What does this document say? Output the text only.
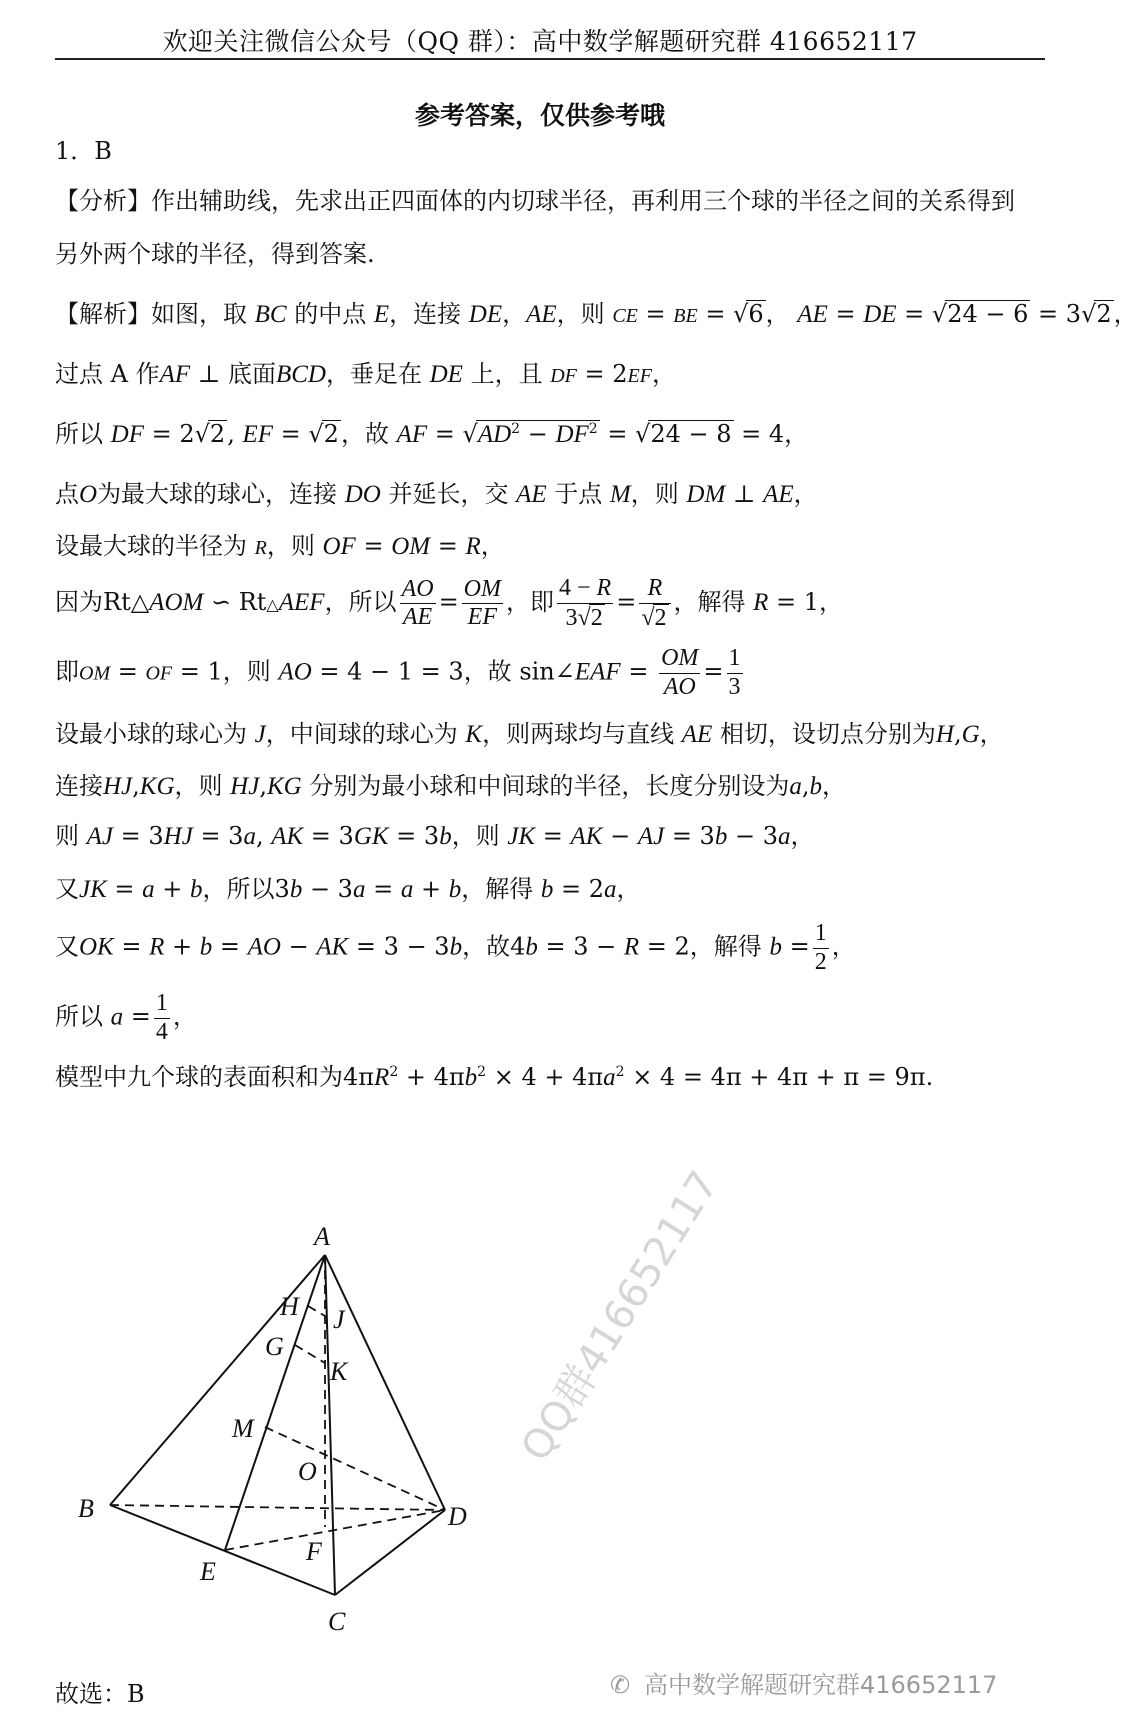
欢迎关注微信公众号（QQ 群）：高中数学解题研究群 416652117
参考答案，仅供参考哦
1．B
【分析】作出辅助线，先求出正四面体的内切球半径，再利用三个球的半径之间的关系得到
另外两个球的半径，得到答案.
【解析】如图，取 BC 的中点 E，连接 DE，AE，则 CE = BE = √6， AE = DE = √24 − 6 = 3√2，
过点 A 作AF ⊥ 底面BCD，垂足在 DE 上，且 DF = 2EF，
所以 DF = 2√2, EF = √2，故 AF = $√AD^2 - DF^2 = √24 - 8 = 4$，
点O为最大球的球心，连接 DO 并延长，交 AE 于点 M，则 DM ⊥ AE，
设最大球的半径为 R，则 OF = OM = R，
因为Rt△AOM ∽ Rt△AEF，所以 $\frac{AO}{AE} = \frac{OM}{EF}$ ，即 $\frac{4 - R}{3√2} = \frac{R}{√2}$ ，解得 R = 1，
即OM = OF = 1，则 AO = 4 − 1 = 3，故 sin∠EAF = $\frac{OM}{AO} = \frac{1}{3}$
设最小球的球心为 J，中间球的球心为 K，则两球均与直线 AE 相切，设切点分别为H,G，
连接HJ,KG，则 HJ,KG 分别为最小球和中间球的半径，长度分别设为a,b，
则 AJ = 3HJ = 3a, AK = 3GK = 3b，则 JK = AK − AJ = 3b − 3a，
又JK = a + b，所以3b − 3a = a + b，解得 b = 2a，
又OK = R + b = AO − AK = 3 − 3b，故4b = 3 − R = 2，解得 $b = \frac{1}{2}$ ，
所以 $a = \frac{1}{4}$ ，
模型中九个球的表面积和为$4\pi R^2 + 4\pi b^2 \times 4 + 4\pi a^2 \times 4 = 4\pi + 4\pi + \pi = 9\pi$.
A
B
C
D
E
F
G
H J
K
M
O
QQ群416652117
故选：B	✆ 高中数学解题研究群416652117
